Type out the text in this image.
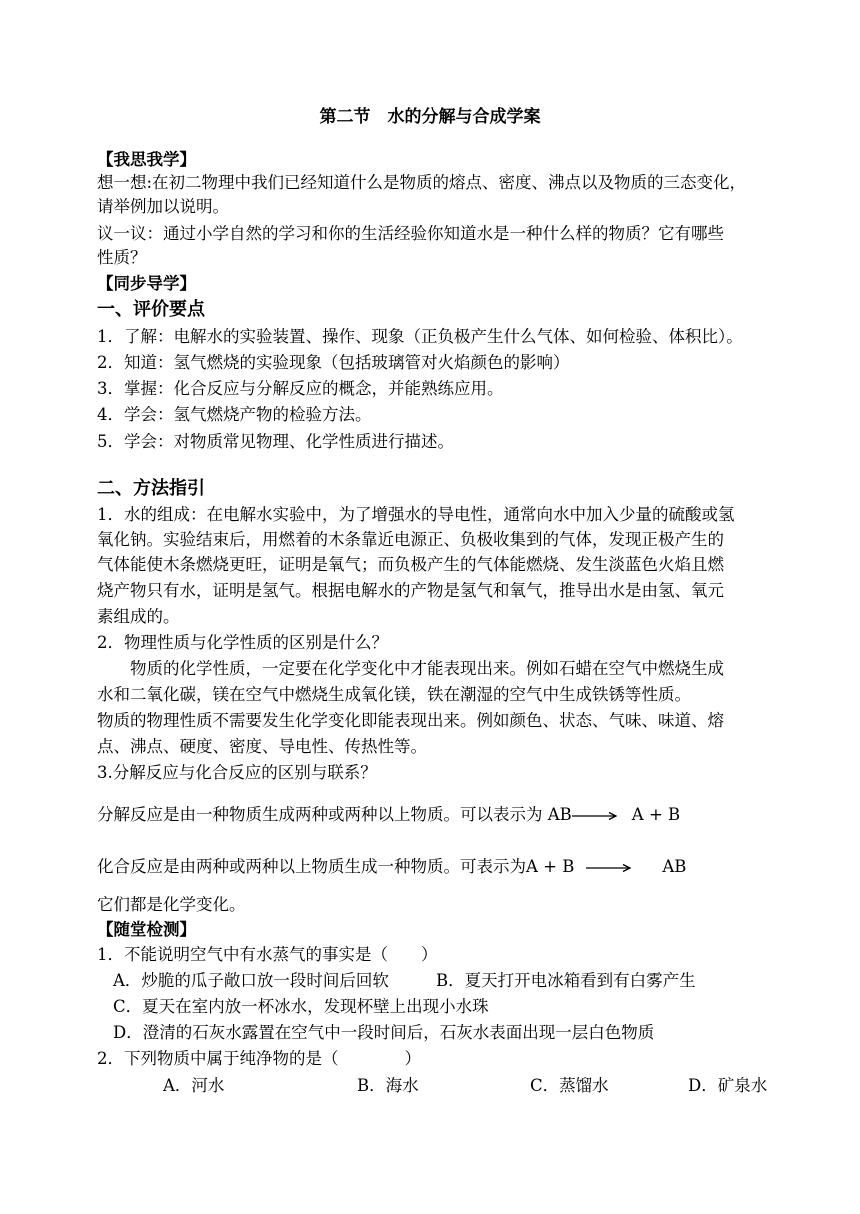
第二节　水的分解与合成学案
【我思我学】
想一想:在初二物理中我们已经知道什么是物质的熔点、密度、沸点以及物质的三态变化，
请举例加以说明。
议一议：通过小学自然的学习和你的生活经验你知道水是一种什么样的物质？它有哪些
性质？
【同步导学】
一、评价要点
1．了解：电解水的实验装置、操作、现象（正负极产生什么气体、如何检验、体积比）。
2．知道：氢气燃烧的实验现象（包括玻璃管对火焰颜色的影响）
3．掌握：化合反应与分解反应的概念，并能熟练应用。
4．学会：氢气燃烧产物的检验方法。
5．学会：对物质常见物理、化学性质进行描述。
二、方法指引
1．水的组成：在电解水实验中，为了增强水的导电性，通常向水中加入少量的硫酸或氢
氧化钠。实验结束后，用燃着的木条靠近电源正、负极收集到的气体，发现正极产生的
气体能使木条燃烧更旺，证明是氧气；而负极产生的气体能燃烧、发生淡蓝色火焰且燃
烧产物只有水，证明是氢气。根据电解水的产物是氢气和氧气，推导出水是由氢、氧元
素组成的。
2．物理性质与化学性质的区别是什么？
　　物质的化学性质，一定要在化学变化中才能表现出来。例如石蜡在空气中燃烧生成
水和二氧化碳，镁在空气中燃烧生成氧化镁，铁在潮湿的空气中生成铁锈等性质。
物质的物理性质不需要发生化学变化即能表现出来。例如颜色、状态、气味、味道、熔
点、沸点、硬度、密度、导电性、传热性等。
3.分解反应与化合反应的区别与联系？
分解反应是由一种物质生成两种或两种以上物质。可以表示为 AB→ A + B
化合反应是由两种或两种以上物质生成一种物质。可表示为A + B → AB
它们都是化学变化。
【随堂检测】
1．不能说明空气中有水蒸气的事实是（　　）
A．炒脆的瓜子敞口放一段时间后回软	B．夏天打开电冰箱看到有白雾产生
C．夏天在室内放一杯冰水，发现杯壁上出现小水珠
D．澄清的石灰水露置在空气中一段时间后，石灰水表面出现一层白色物质
2．下列物质中属于纯净物的是（　　　　）
A．河水	B．海水	C．蒸馏水	D．矿泉水
